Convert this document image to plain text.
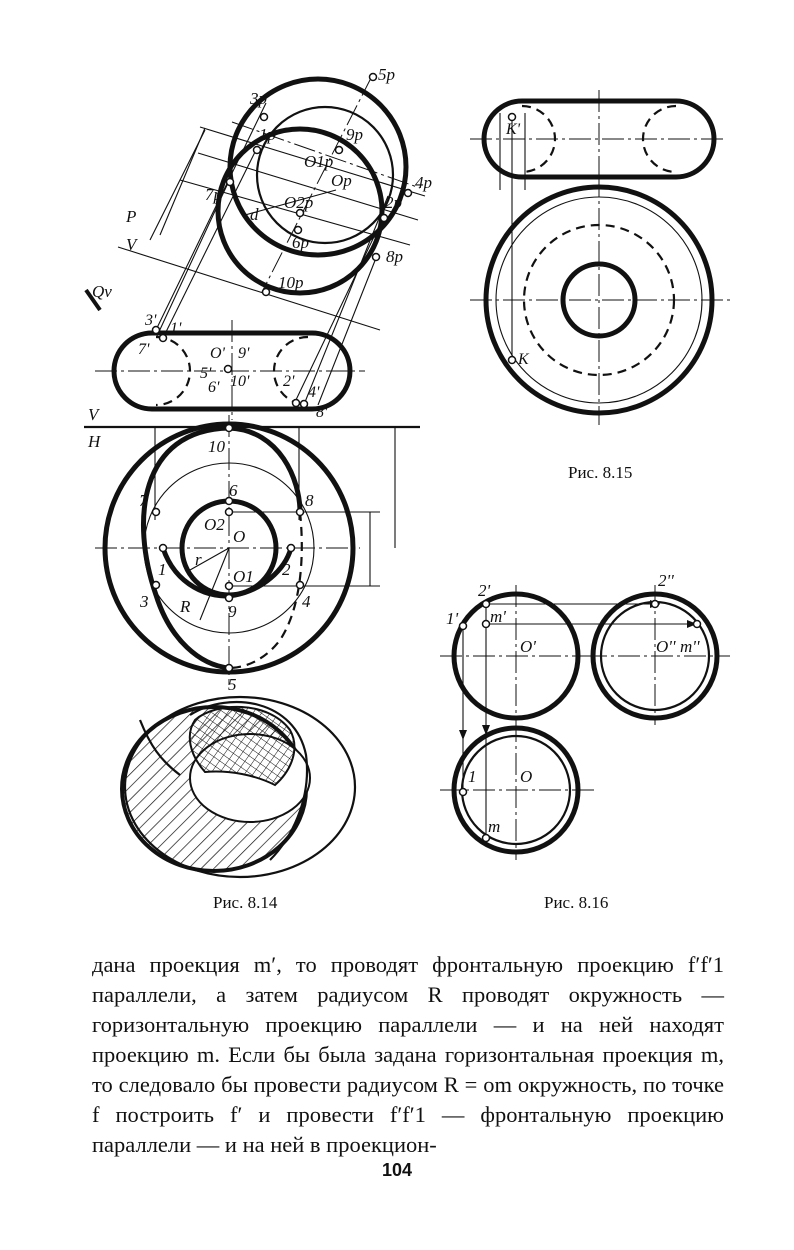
5p
3p
1p	9p
O1p
Op
7p
4p
O2p	2p
6p
8p
10p
d
P
V
Qv
3' 1'
7'	O' 9'
5'
6' 10' 2'
4'
8'
V
H	10
6
7	8
O2
O
r
1	O1 2
3
9
4
R
5
Рис. 8.14
K'
K
Рис. 8.15
2'
1' m'
O'
2''
O'' m''
1	O
m
Рис. 8.16

дана проекция m′, то проводят фронтальную проекцию f′f′1 параллели, а затем радиусом R проводят окружность — горизонтальную проекцию параллели — и на ней находят проекцию m. Если бы была задана горизонтальная проекция m, то следовало бы провести радиусом R = om окружность, по точке f построить f′ и провести f′f′1 — фронтальную проекцию параллели — и на ней в проекцион-

104
